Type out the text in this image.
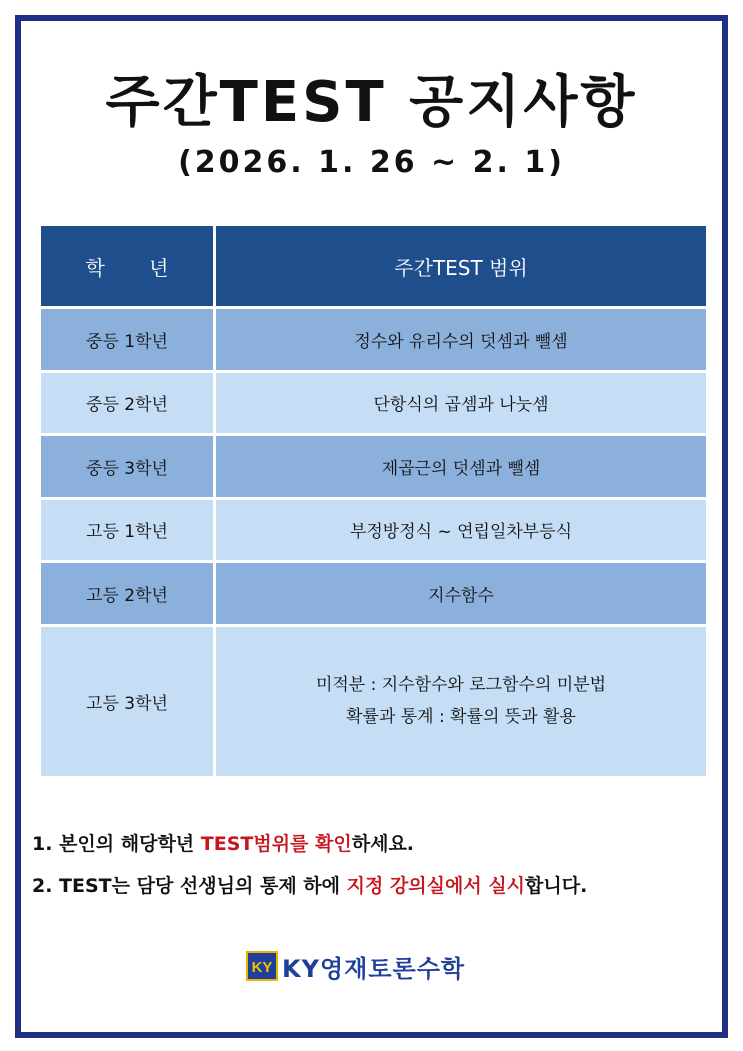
주간TEST 공지사항
(2026. 1. 26 ~ 2. 1)
학 년	주간TEST 범위
중등 1학년	정수와 유리수의 덧셈과 뺄셈
중등 2학년	단항식의 곱셈과 나눗셈
중등 3학년	제곱근의 덧셈과 뺄셈
고등 1학년	부정방정식 ~ 연립일차부등식
고등 2학년	지수함수
고등 3학년	미적분 : 지수함수와 로그함수의 미분법
확률과 통계 : 확률의 뜻과 활용
1. 본인의 해당학년 TEST범위를 확인하세요.
2. TEST는 담당 선생님의 통제 하에 지정 강의실에서 실시합니다.
KY KY영재토론수학
